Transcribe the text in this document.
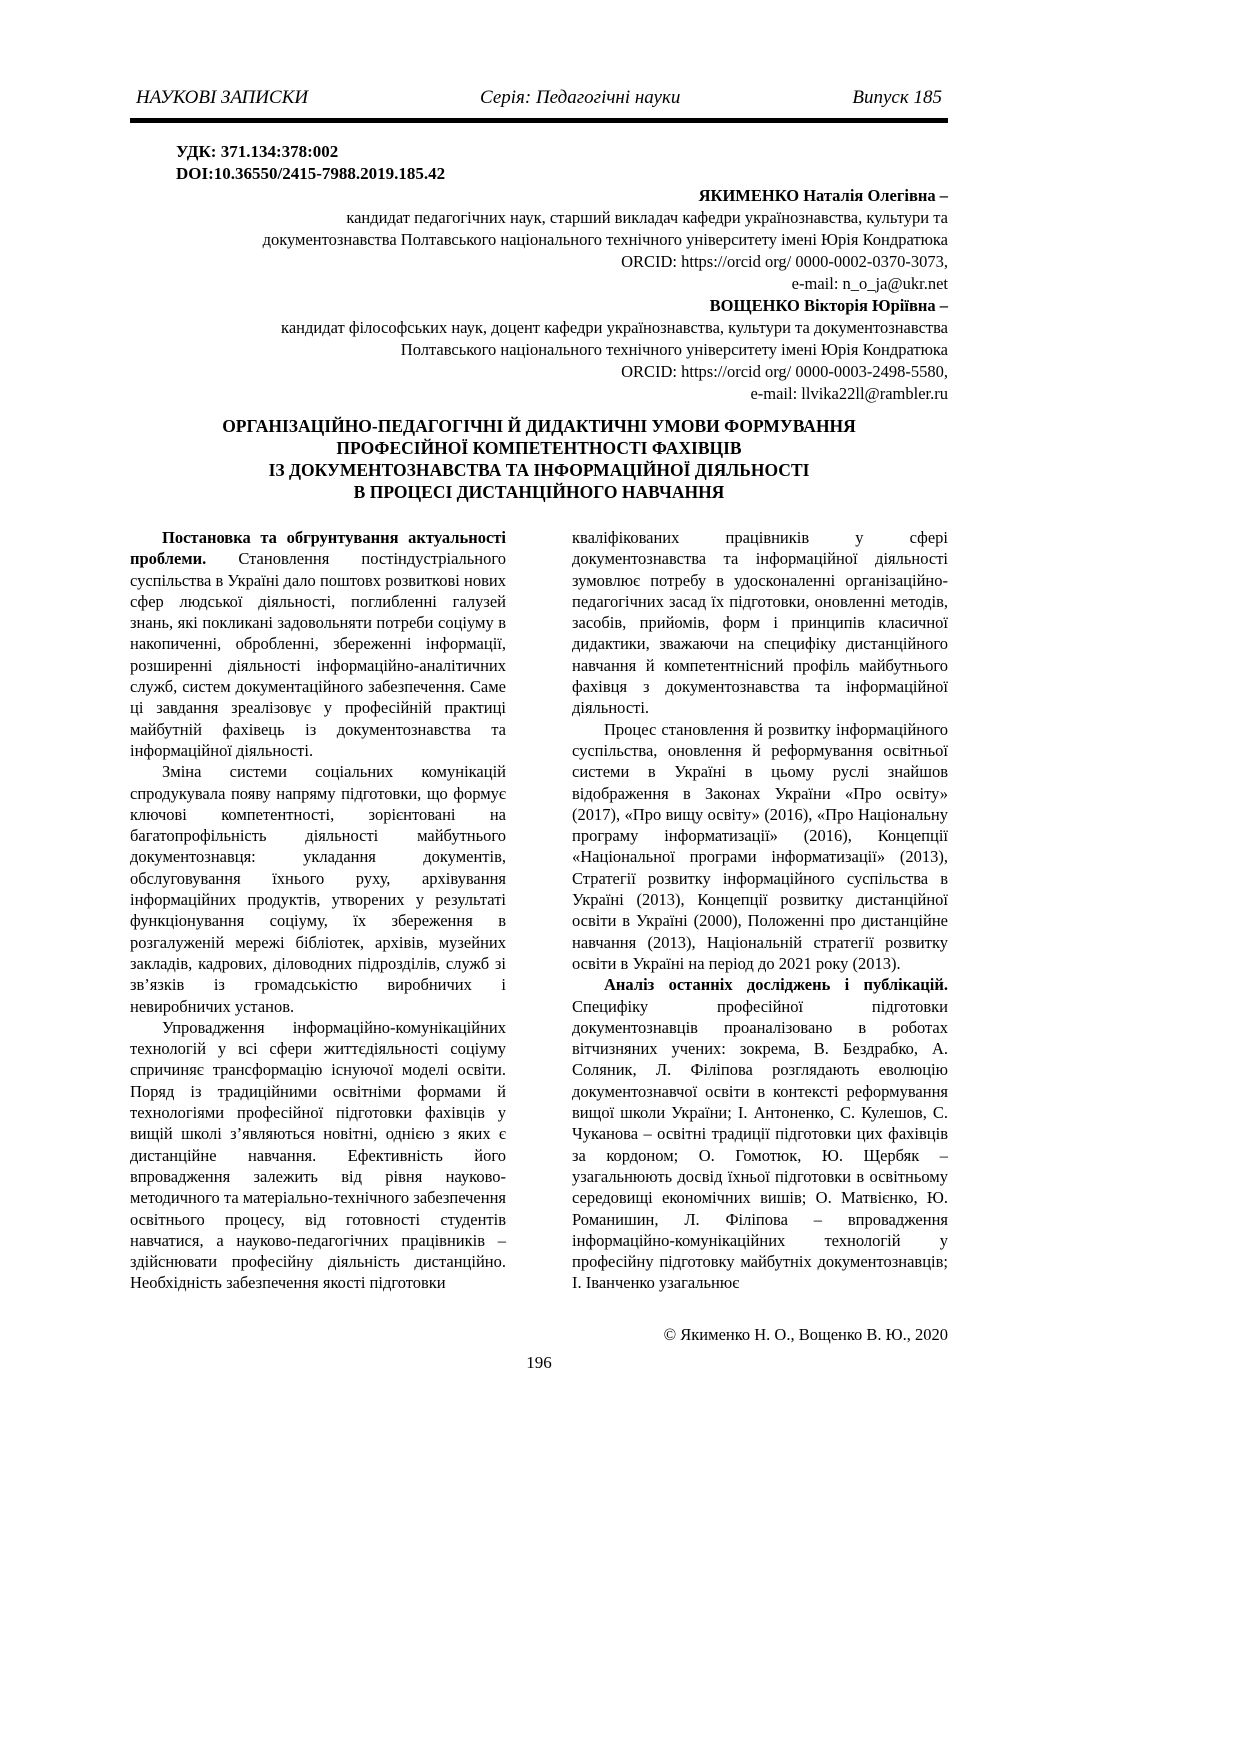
НАУКОВІ ЗАПИСКИ	Серія: Педагогічні науки	Випуск 185
УДК: 371.134:378:002
DOI:10.36550/2415-7988.2019.185.42
ЯКИМЕНКО Наталія Олегівна –
кандидат педагогічних наук, старший викладач кафедри українознавства, культури та
документознавства Полтавського національного технічного університету імені Юрія Кондратюка
ORCID: https://orcid org/ 0000-0002-0370-3073,
e-mail: n_o_ja@ukr.net
ВОЩЕНКО Вікторія Юріївна –
кандидат філософських наук, доцент кафедри українознавства, культури та документознавства
Полтавського національного технічного університету імені Юрія Кондратюка
ORCID: https://orcid org/ 0000-0003-2498-5580,
e-mail: llvika22ll@rambler.ru
ОРГАНІЗАЦІЙНО-ПЕДАГОГІЧНІ Й ДИДАКТИЧНІ УМОВИ ФОРМУВАННЯ
ПРОФЕСІЙНОЇ КОМПЕТЕНТНОСТІ ФАХІВЦІВ
ІЗ ДОКУМЕНТОЗНАВСТВА ТА ІНФОРМАЦІЙНОЇ ДІЯЛЬНОСТІ
В ПРОЦЕСІ ДИСТАНЦІЙНОГО НАВЧАННЯ

Постановка та обгрунтування актуальності проблеми. Становлення постіндустріального суспільства в Україні дало поштовх розвиткові нових сфер людської діяльності, поглибленні галузей знань, які покликані задовольняти потреби соціуму в накопиченні, обробленні, збереженні інформації, розширенні діяльності інформаційно-аналітичних служб, систем документаційного забезпечення. Саме ці завдання зреалізовує у професійній практиці майбутній фахівець із документознавства та інформаційної діяльності.

Зміна системи соціальних комунікацій спродукувала появу напряму підготовки, що формує ключові компетентності, зорієнтовані на багатопрофільність діяльності майбутнього документознавця: укладання документів, обслуговування їхнього руху, архівування інформаційних продуктів, утворених у результаті функціонування соціуму, їх збереження в розгалуженій мережі бібліотек, архівів, музейних закладів, кадрових, діловодних підрозділів, служб зі зв’язків із громадськістю виробничих і невиробничих установ.

Упровадження інформаційно-комунікаційних технологій у всі сфери життєдіяльності соціуму спричиняє трансформацію існуючої моделі освіти. Поряд із традиційними освітніми формами й технологіями професійної підготовки фахівців у вищій школі з’являються новітні, однією з яких є дистанційне навчання. Ефективність його впровадження залежить від рівня науково-методичного та матеріально-технічного забезпечення освітнього процесу, від готовності студентів навчатися, а науково-педагогічних працівників – здійснювати професійну діяльність дистанційно. Необхідність забезпечення якості підготовки

кваліфікованих працівників у сфері документознавства та інформаційної діяльності зумовлює потребу в удосконаленні організаційно-педагогічних засад їх підготовки, оновленні методів, засобів, прийомів, форм і принципів класичної дидактики, зважаючи на специфіку дистанційного навчання й компетентнісний профіль майбутнього фахівця з документознавства та інформаційної діяльності.

Процес становлення й розвитку інформаційного суспільства, оновлення й реформування освітньої системи в Україні в цьому руслі знайшов відображення в Законах України «Про освіту» (2017), «Про вищу освіту» (2016), «Про Національну програму інформатизації» (2016), Концепції «Національної програми інформатизації» (2013), Стратегії розвитку інформаційного суспільства в Україні (2013), Концепції розвитку дистанційної освіти в Україні (2000), Положенні про дистанційне навчання (2013), Національній стратегії розвитку освіти в Україні на період до 2021 року (2013).

Аналіз останніх досліджень і публікацій. Специфіку професійної підготовки документознавців проаналізовано в роботах вітчизняних учених: зокрема, В. Бездрабко, А. Соляник, Л. Філіпова розглядають еволюцію документознавчої освіти в контексті реформування вищої школи України; І. Антоненко, С. Кулешов, С. Чуканова – освітні традиції підготовки цих фахівців за кордоном; О. Гомотюк, Ю. Щербяк – узагальнюють досвід їхньої підготовки в освітньому середовищі економічних вишів; О. Матвієнко, Ю. Романишин, Л. Філіпова – впровадження інформаційно-комунікаційних технологій у професійну підготовку майбутніх документознавців; І. Іванченко узагальнює

© Якименко Н. О., Вощенко В. Ю., 2020
196
